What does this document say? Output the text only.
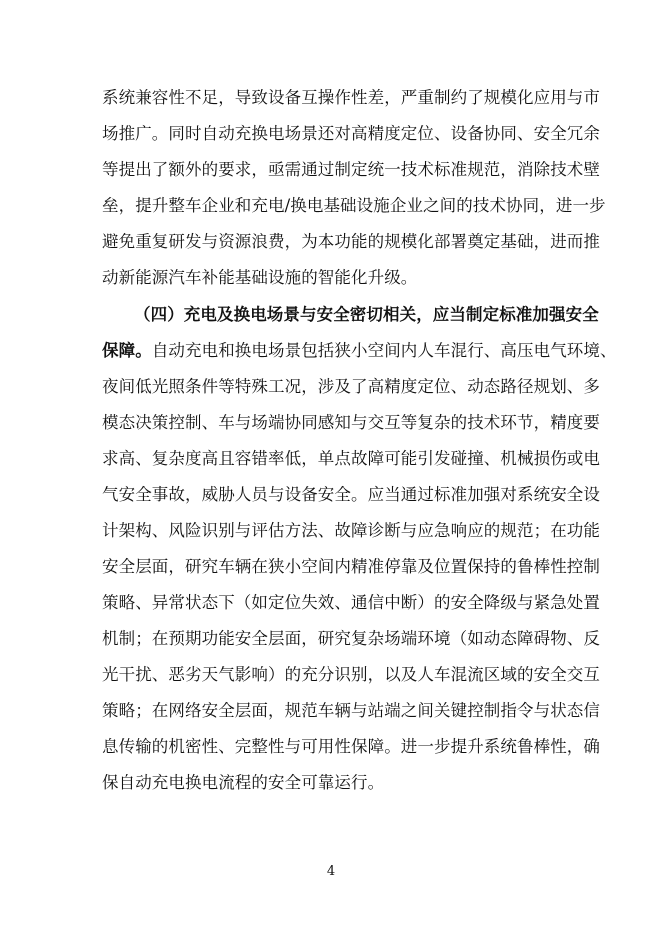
系统兼容性不足，导致设备互操作性差，严重制约了规模化应用与市
场推广。同时自动充换电场景还对高精度定位、设备协同、安全冗余
等提出了额外的要求，亟需通过制定统一技术标准规范，消除技术壁
垒，提升整车企业和充电/换电基础设施企业之间的技术协同，进一步
避免重复研发与资源浪费，为本功能的规模化部署奠定基础，进而推
动新能源汽车补能基础设施的智能化升级。
（四）充电及换电场景与安全密切相关，应当制定标准加强安全
保障。自动充电和换电场景包括狭小空间内人车混行、高压电气环境、
夜间低光照条件等特殊工况，涉及了高精度定位、动态路径规划、多
模态决策控制、车与场端协同感知与交互等复杂的技术环节，精度要
求高、复杂度高且容错率低，单点故障可能引发碰撞、机械损伤或电
气安全事故，威胁人员与设备安全。应当通过标准加强对系统安全设
计架构、风险识别与评估方法、故障诊断与应急响应的规范；在功能
安全层面，研究车辆在狭小空间内精准停靠及位置保持的鲁棒性控制
策略、异常状态下（如定位失效、通信中断）的安全降级与紧急处置
机制；在预期功能安全层面，研究复杂场端环境（如动态障碍物、反
光干扰、恶劣天气影响）的充分识别，以及人车混流区域的安全交互
策略；在网络安全层面，规范车辆与站端之间关键控制指令与状态信
息传输的机密性、完整性与可用性保障。进一步提升系统鲁棒性，确
保自动充电换电流程的安全可靠运行。
4
